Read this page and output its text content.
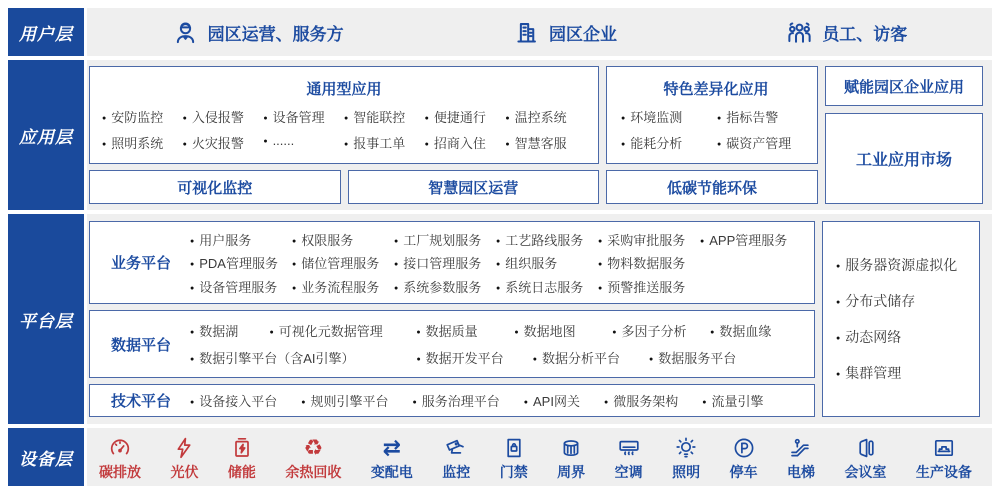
用户层	园区运营、服务方	园区企业	员工、访客
应用层
通用型应用
● 安防监控	● 入侵报警	● 设备管理	● 智能联控	● 便捷通行	● 温控系统
● 照明系统	● 火灾报警	● ......	● 报事工单	● 招商入住	● 智慧客服
可视化监控	智慧园区运营
特色差异化应用
● 环境监测	● 指标告警
● 能耗分析	● 碳资产管理
低碳节能环保
赋能园区企业应用
工业应用市场
平台层
业务平台
● 用户服务	● 权限服务	● 工厂规划服务	● 工艺路线服务	● 采购审批服务	● APP管理服务
● PDA管理服务	● 储位管理服务	● 接口管理服务	● 组织服务	● 物料数据服务
● 设备管理服务	● 业务流程服务	● 系统参数服务	● 系统日志服务	● 预警推送服务
数据平台
● 数据湖	● 可视化元数据管理	● 数据质量	● 数据地图	● 多因子分析	● 数据血缘
● 数据引擎平台（含AI引擎）	● 数据开发平台	● 数据分析平台	● 数据服务平台
技术平台	● 设备接入平台	● 规则引擎平台	● 服务治理平台	● API网关	● 微服务架构	● 流量引擎
● 服务器资源虚拟化
● 分布式储存
● 动态网络
● 集群管理
设备层
碳排放 光伏 储能
♻
余热回收
⇄
变配电 监控 门禁 周界 空调 照明 停车 电梯 会议室 生产设备
